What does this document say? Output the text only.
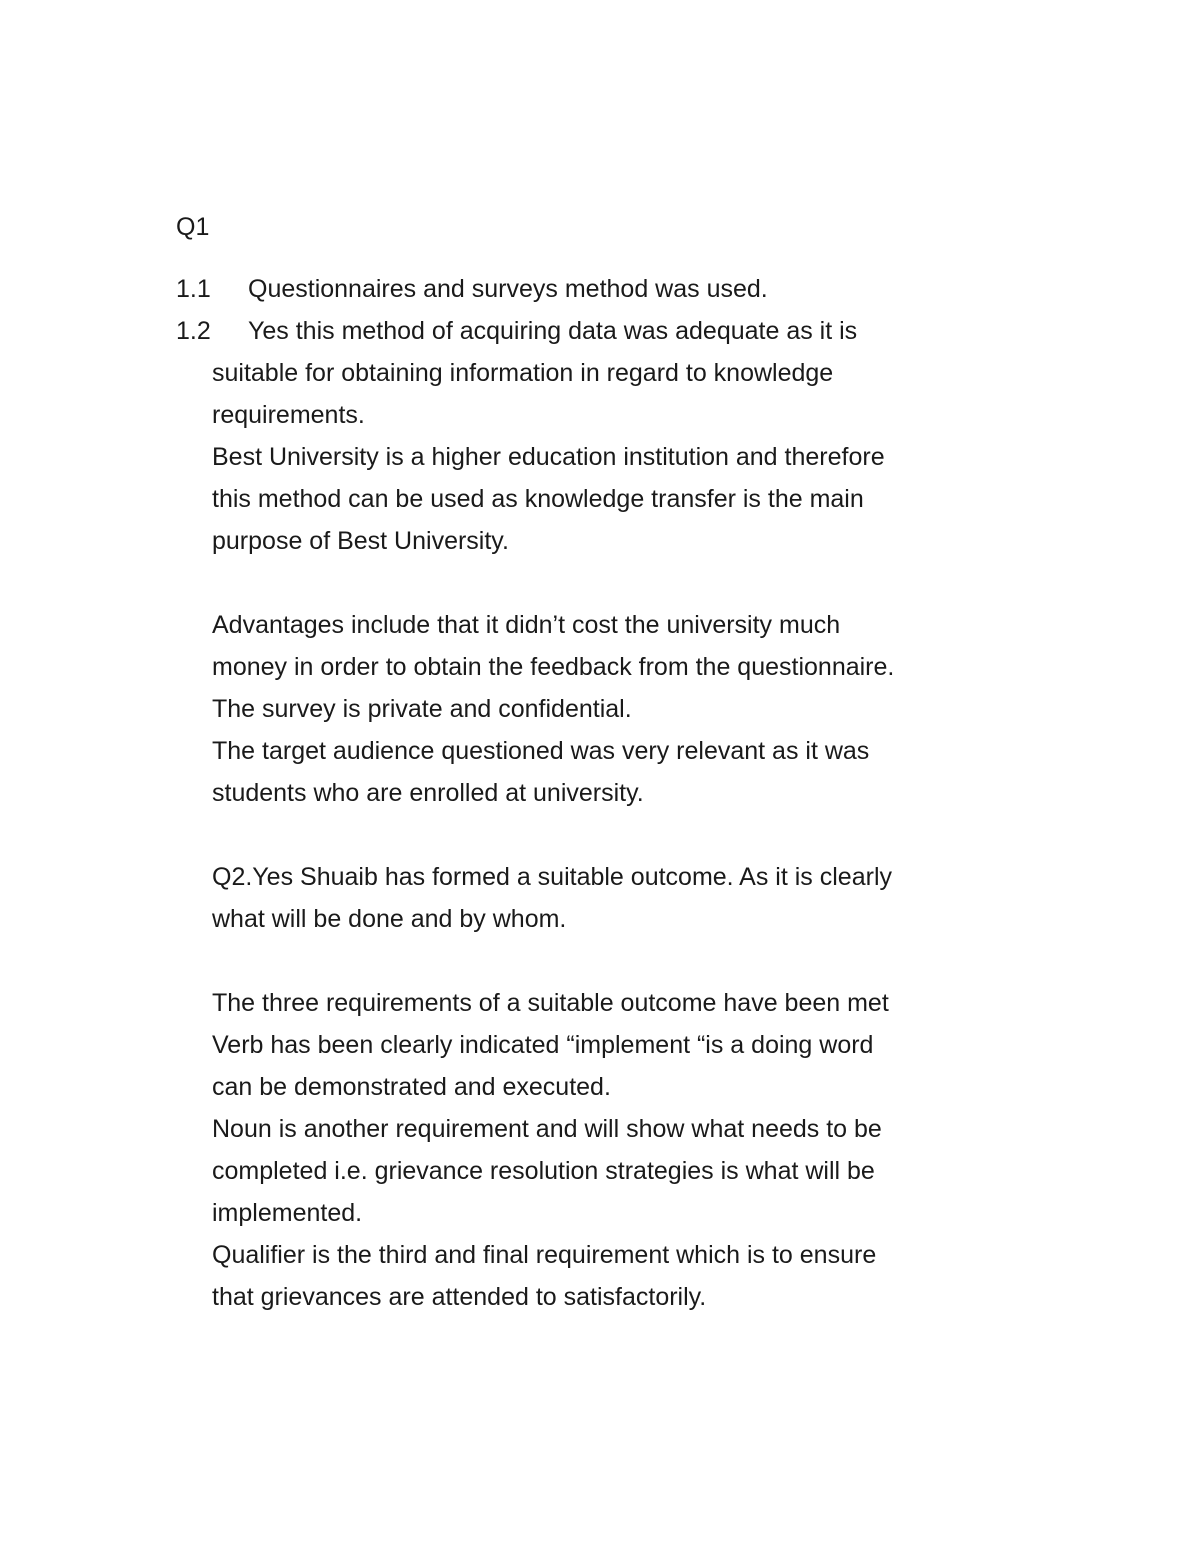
Q1

1.1	Questionnaires and surveys method was used.
1.2	Yes this method of acquiring data was adequate as it is

suitable for obtaining information in regard to knowledge

requirements.

Best University is a higher education institution and therefore

this method can be used as knowledge transfer is the main

purpose of Best University.

Advantages include that it didn’t cost the university much

money in order to obtain the feedback from the questionnaire.

The survey is private and confidential.

The target audience questioned was very relevant as it was

students who are enrolled at university.

Q2.Yes Shuaib has formed a suitable outcome. As it is clearly

what will be done and by whom.

The three requirements of a suitable outcome have been met

Verb has been clearly indicated “implement “is a doing word

can be demonstrated and executed.

Noun is another requirement and will show what needs to be

completed i.e. grievance resolution strategies is what will be

implemented.

Qualifier is the third and final requirement which is to ensure

that grievances are attended to satisfactorily.
